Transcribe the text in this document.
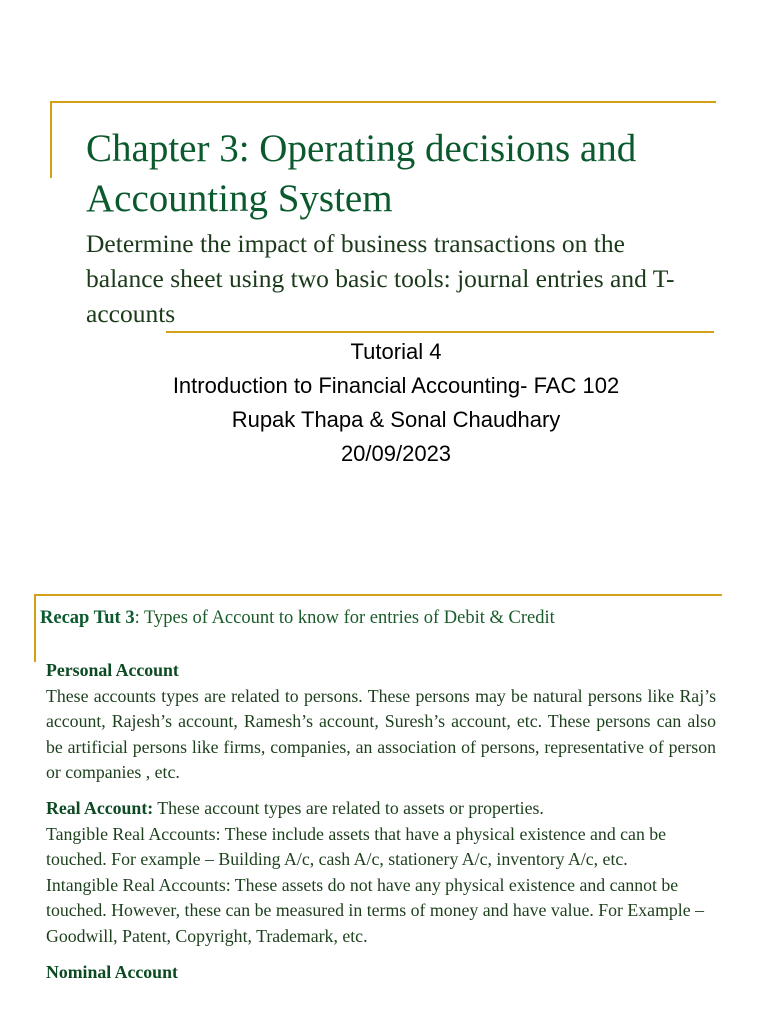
Chapter 3: Operating decisions and Accounting System

Determine the impact of business transactions on the balance sheet using two basic tools: journal entries and T-accounts

Tutorial 4
Introduction to Financial Accounting- FAC 102
Rupak Thapa & Sonal Chaudhary
20/09/2023

Recap Tut 3: Types of Account to know for entries of Debit & Credit

Personal Account
These accounts types are related to persons. These persons may be natural persons like Raj’s account, Rajesh’s account, Ramesh’s account, Suresh’s account, etc. These persons can also be artificial persons like firms, companies, an association of persons, representative of person or companies , etc.
Real Account: These account types are related to assets or properties.
Tangible Real Accounts: These include assets that have a physical existence and can be touched. For example – Building A/c, cash A/c, stationery A/c, inventory A/c, etc.
Intangible Real Accounts: These assets do not have any physical existence and cannot be touched. However, these can be measured in terms of money and have value. For Example – Goodwill, Patent, Copyright, Trademark, etc.
Nominal Account
